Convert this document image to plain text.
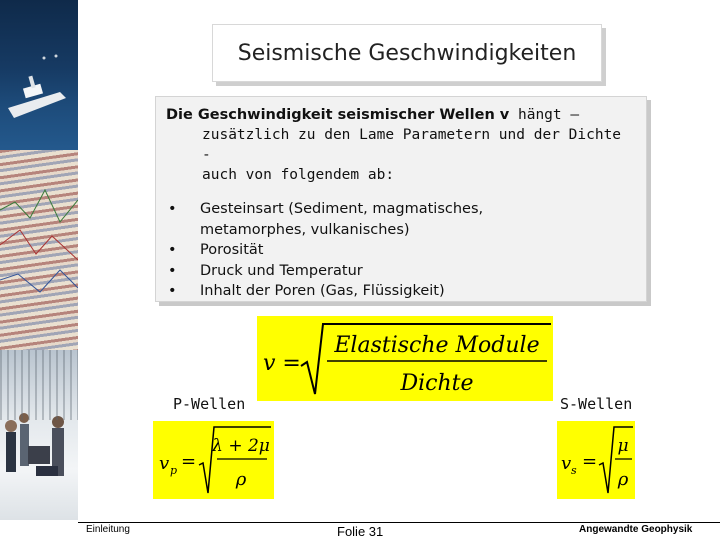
Seismische Geschwindigkeiten

Die Geschwindigkeit seismischer Wellen v hängt –
zusätzlich zu den Lame Parametern und der Dichte -
auch von folgendem ab:

• Gesteinsart (Sediment, magmatisches,
metamorphes, vulkanisches)
• Porosität
• Druck und Temperatur
• Inhalt der Poren (Gas, Flüssigkeit)
v =
Elastische Module
Dichte
P-Wellen	S-Wellen
v p =
λ + 2μ
ρ
v s =
μ
ρ
Einleitung	Folie 31	Angewandte Geophysik
